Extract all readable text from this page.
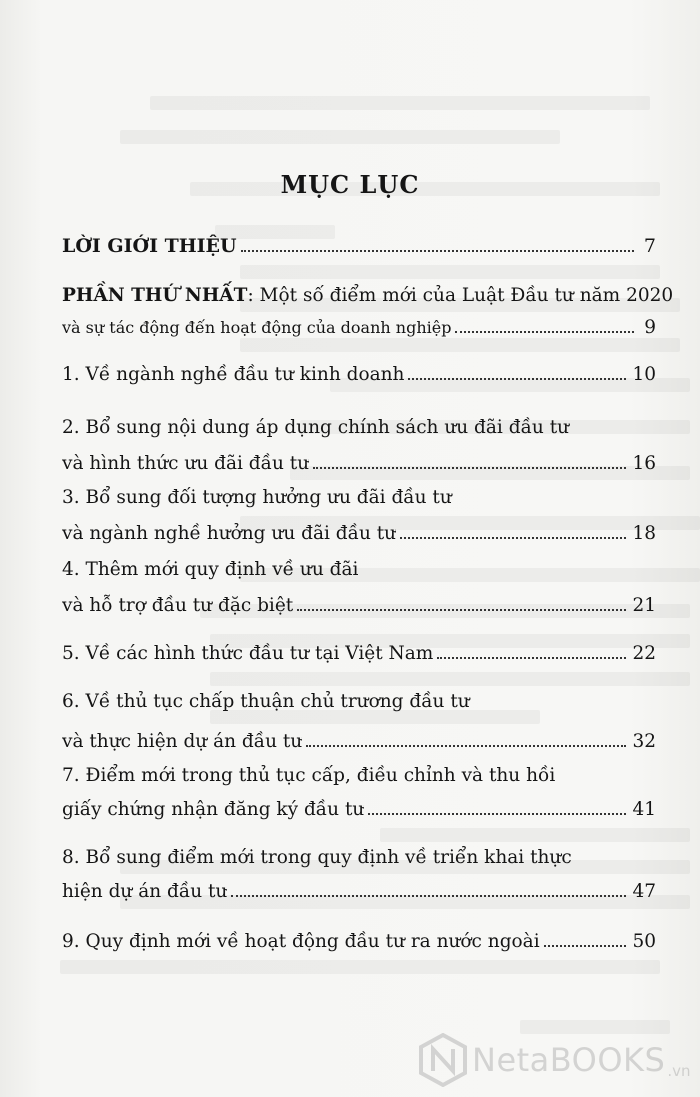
MỤC LỤC
LỜI GIỚI THIỆU	7
PHẦN THỨ NHẤT: Một số điểm mới của Luật Đầu tư năm 2020
và sự tác động đến hoạt động của doanh nghiệp	9
1. Về ngành nghề đầu tư kinh doanh	10
2. Bổ sung nội dung áp dụng chính sách ưu đãi đầu tư
và hình thức ưu đãi đầu tư	16
3. Bổ sung đối tượng hưởng ưu đãi đầu tư
và ngành nghề hưởng ưu đãi đầu tư	18
4. Thêm mới quy định về ưu đãi
và hỗ trợ đầu tư đặc biệt	21
5. Về các hình thức đầu tư tại Việt Nam	22
6. Về thủ tục chấp thuận chủ trương đầu tư
và thực hiện dự án đầu tư	32
7. Điểm mới trong thủ tục cấp, điều chỉnh và thu hồi
giấy chứng nhận đăng ký đầu tư	41
8. Bổ sung điểm mới trong quy định về triển khai thực
hiện dự án đầu tư	47
9. Quy định mới về hoạt động đầu tư ra nước ngoài	50
NetaBOOKS .vn
